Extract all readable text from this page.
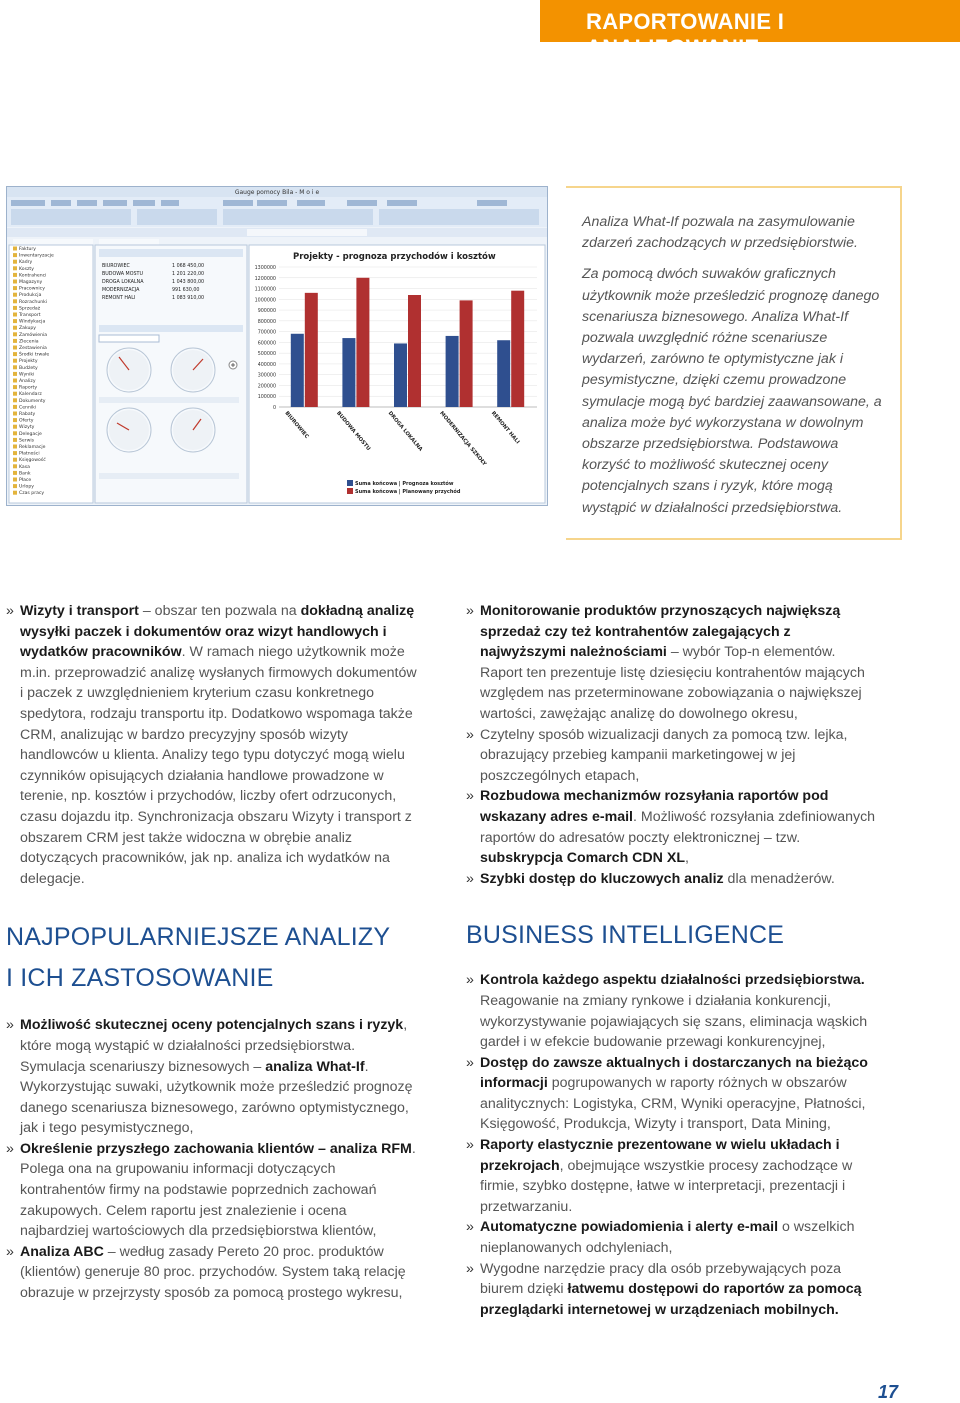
RAPORTOWANIE I ANALIZOWANIE
Gauge pomocy Bila - M o i e
Faktury
Inwentaryzacje
Kadry
Koszty
Kontrahenci
Magazyny
Pracownicy
Produkcja
Rozrachunki
Sprzedaż
Transport
Windykacja
Zakupy
Zamówienia
Zlecenia
Zestawienia
Środki trwałe
Projekty
Budżety
Wyniki
Analizy
Raporty
Kalendarz
Dokumenty
Cenniki
Rabaty
Oferty
Wizyty
Delegacje
Serwis
Reklamacje
Płatności
Księgowość
Kasa
Bank
Płace
Urlopy
Czas pracy
BIUROWIEC	1 068 450,00
BUDOWA MOSTU	1 201 220,00
DROGA LOKALNA	1 043 800,00
MODERNIZACJA	991 630,00
REMONT HALI	1 083 910,00
Projekty - prognoza przychodów i kosztów
0
100000
200000
300000
400000
500000
600000
700000
800000
900000
1000000
1100000
1200000
1300000
BIUROWIEC	BUDOWA MOSTU	DROGA LOKALNA	MODERNIZACJA SZKOŁY REMONT HALI
Suma końcowa | Prognoza kosztów
Suma końcowa | Planowany przychód

Analiza What-If pozwala na zasymulowanie zdarzeń zachodzących w przedsiębiorstwie.

Za pomocą dwóch suwaków graficznych użytkownik może prześledzić prognozę danego scenariusza biznesowego. Analiza What-If pozwala uwzględnić różne scenariusze wydarzeń, zarówno te optymistyczne jak i pesymistyczne, dzięki czemu prowadzone symulacje mogą być bardziej zaawansowane, a analiza może być wykorzystana w dowolnym obszarze przedsiębiorstwa. Podstawowa korzyść to możliwość skutecznej oceny potencjalnych szans i ryzyk, które mogą wystąpić w działalności przedsiębiorstwa.

» Wizyty i transport – obszar ten pozwala na dokładną analizę wysyłki paczek i dokumentów oraz wizyt handlowych i wydatków pracowników. W ramach niego użytkownik może m.in. przeprowadzić analizę wysłanych firmowych dokumentów i paczek z uwzględnieniem kryterium czasu konkretnego spedytora, rodzaju transportu itp. Dodatkowo wspomaga także CRM, analizując w bardzo precyzyjny sposób wizyty handlowców u klienta. Analizy tego typu dotyczyć mogą wielu czynników opisujących działania handlowe prowadzone w terenie, np. kosztów i przychodów, liczby ofert odrzuconych, czasu dojazdu itp. Synchronizacja obszaru Wizyty i transport z obszarem CRM jest także widoczna w obrębie analiz dotyczących pracowników, jak np. analiza ich wydatków na delegacje.

NAJPOPULARNIEJSZE ANALIZY
I ICH ZASTOSOWANIE

» Możliwość skutecznej oceny potencjalnych szans i ryzyk, które mogą wystąpić w działalności przedsiębiorstwa. Symulacja scenariuszy biznesowych – analiza What-If. Wykorzystując suwaki, użytkownik może prześledzić prognozę danego scenariusza biznesowego, zarówno optymistycznego, jak i tego pesymistycznego,

» Określenie przyszłego zachowania klientów – analiza RFM. Polega ona na grupowaniu informacji dotyczących kontrahentów firmy na podstawie poprzednich zachowań zakupowych. Celem raportu jest znalezienie i ocena najbardziej wartościowych dla przedsiębiorstwa klientów,

» Analiza ABC – według zasady Pereto 20 proc. produktów (klientów) generuje 80 proc. przychodów. System taką relację obrazuje w przejrzysty sposób za pomocą prostego wykresu,

» Monitorowanie produktów przynoszących największą sprzedaż czy też kontrahentów zalegających z najwyższymi należnościami – wybór Top-n elementów. Raport ten prezentuje listę dziesięciu kontrahentów mających względem nas przeterminowane zobowiązania o największej wartości, zawężając analizę do dowolnego okresu,

» Czytelny sposób wizualizacji danych za pomocą tzw. lejka, obrazujący przebieg kampanii marketingowej w jej poszczególnych etapach,

» Rozbudowa mechanizmów rozsyłania raportów pod wskazany adres e-mail. Możliwość rozsyłania zdefiniowanych raportów do adresatów poczty elektronicznej – tzw. subskrypcja Comarch CDN XL,

» Szybki dostęp do kluczowych analiz dla menadżerów.

BUSINESS INTELLIGENCE

» Kontrola każdego aspektu działalności przedsiębiorstwa. Reagowanie na zmiany rynkowe i działania konkurencji, wykorzystywanie pojawiających się szans, eliminacja wąskich gardeł i w efekcie budowanie przewagi konkurencyjnej,

» Dostęp do zawsze aktualnych i dostarczanych na bieżąco informacji pogrupowanych w raporty różnych w obszarów analitycznych: Logistyka, CRM, Wyniki operacyjne, Płatności, Księgowość, Produkcja, Wizyty i transport, Data Mining,

» Raporty elastycznie prezentowane w wielu układach i przekrojach, obejmujące wszystkie procesy zachodzące w firmie, szybko dostępne, łatwe w interpretacji, prezentacji i przetwarzaniu.

» Automatyczne powiadomienia i alerty e-mail o wszelkich nieplanowanych odchyleniach,

» Wygodne narzędzie pracy dla osób przebywających poza biurem dzięki łatwemu dostępowi do raportów za pomocą przeglądarki internetowej w urządzeniach mobilnych.

17
